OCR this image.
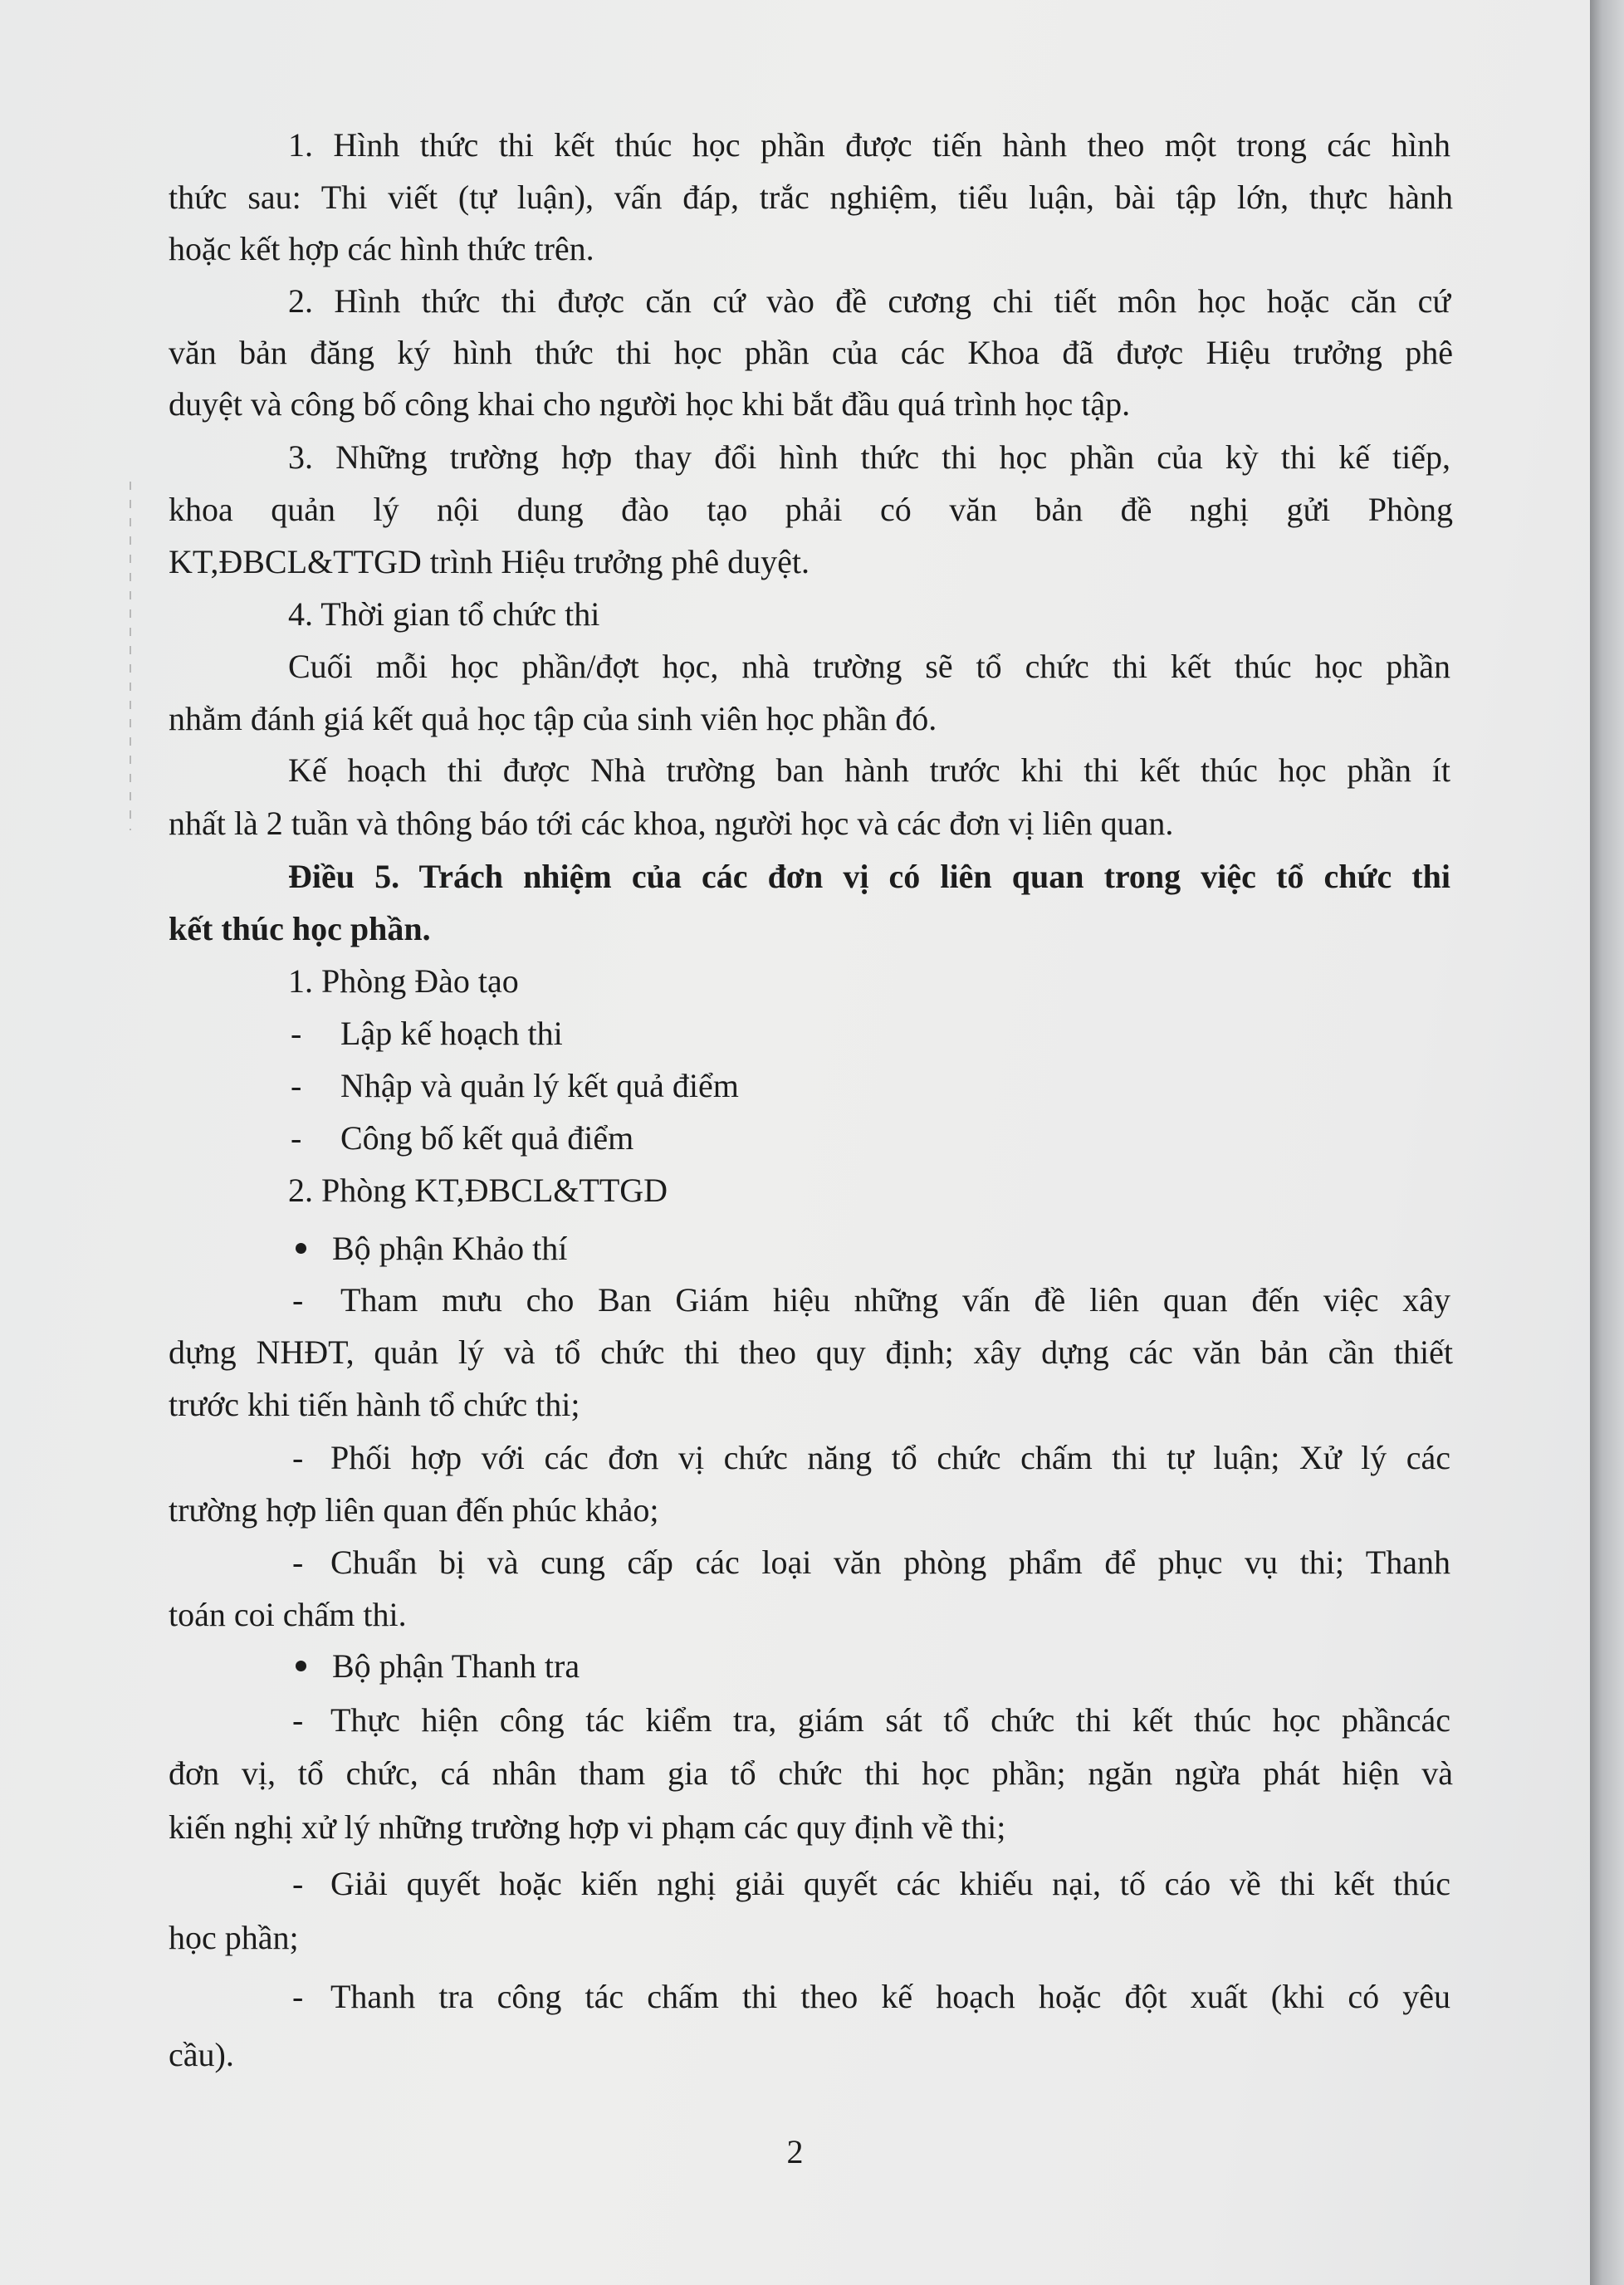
1. Hình thức thi kết thúc học phần được tiến hành theo một trong các hình
thức sau: Thi viết (tự luận), vấn đáp, trắc nghiệm, tiểu luận, bài tập lớn, thực hành
hoặc kết hợp các hình thức trên.
2. Hình thức thi được căn cứ vào đề cương chi tiết môn học hoặc căn cứ
văn bản đăng ký hình thức thi học phần của các Khoa đã được Hiệu trưởng phê
duyệt và công bố công khai cho người học khi bắt đầu quá trình học tập.
3. Những trường hợp thay đổi hình thức thi học phần của kỳ thi kế tiếp,
khoa quản lý nội dung đào tạo phải có văn bản đề nghị gửi Phòng
KT,ĐBCL&TTGD trình Hiệu trưởng phê duyệt.
4. Thời gian tổ chức thi
Cuối mỗi học phần/đợt học, nhà trường sẽ tổ chức thi kết thúc học phần
nhằm đánh giá kết quả học tập của sinh viên học phần đó.
Kế hoạch thi được Nhà trường ban hành trước khi thi kết thúc học phần ít
nhất là 2 tuần và thông báo tới các khoa, người học và các đơn vị liên quan.
Điều 5. Trách nhiệm của các đơn vị có liên quan trong việc tổ chức thi
kết thúc học phần.
1. Phòng Đào tạo
-	Lập kế hoạch thi
-	Nhập và quản lý kết quả điểm
-	Công bố kết quả điểm
2. Phòng KT,ĐBCL&TTGD
Bộ phận Khảo thí
-	Tham mưu cho Ban Giám hiệu những vấn đề liên quan đến việc xây
dựng NHĐT, quản lý và tổ chức thi theo quy định; xây dựng các văn bản cần thiết
trước khi tiến hành tổ chức thi;
- Phối hợp với các đơn vị chức năng tổ chức chấm thi tự luận; Xử lý các
trường hợp liên quan đến phúc khảo;
- Chuẩn bị và cung cấp các loại văn phòng phẩm để phục vụ thi; Thanh
toán coi chấm thi.
Bộ phận Thanh tra
- Thực hiện công tác kiểm tra, giám sát tổ chức thi kết thúc học phầncác
đơn vị, tổ chức, cá nhân tham gia tổ chức thi học phần; ngăn ngừa phát hiện và
kiến nghị xử lý những trường hợp vi phạm các quy định về thi;
- Giải quyết hoặc kiến nghị giải quyết các khiếu nại, tố cáo về thi kết thúc
học phần;
- Thanh tra công tác chấm thi theo kế hoạch hoặc đột xuất (khi có yêu
cầu).
2
